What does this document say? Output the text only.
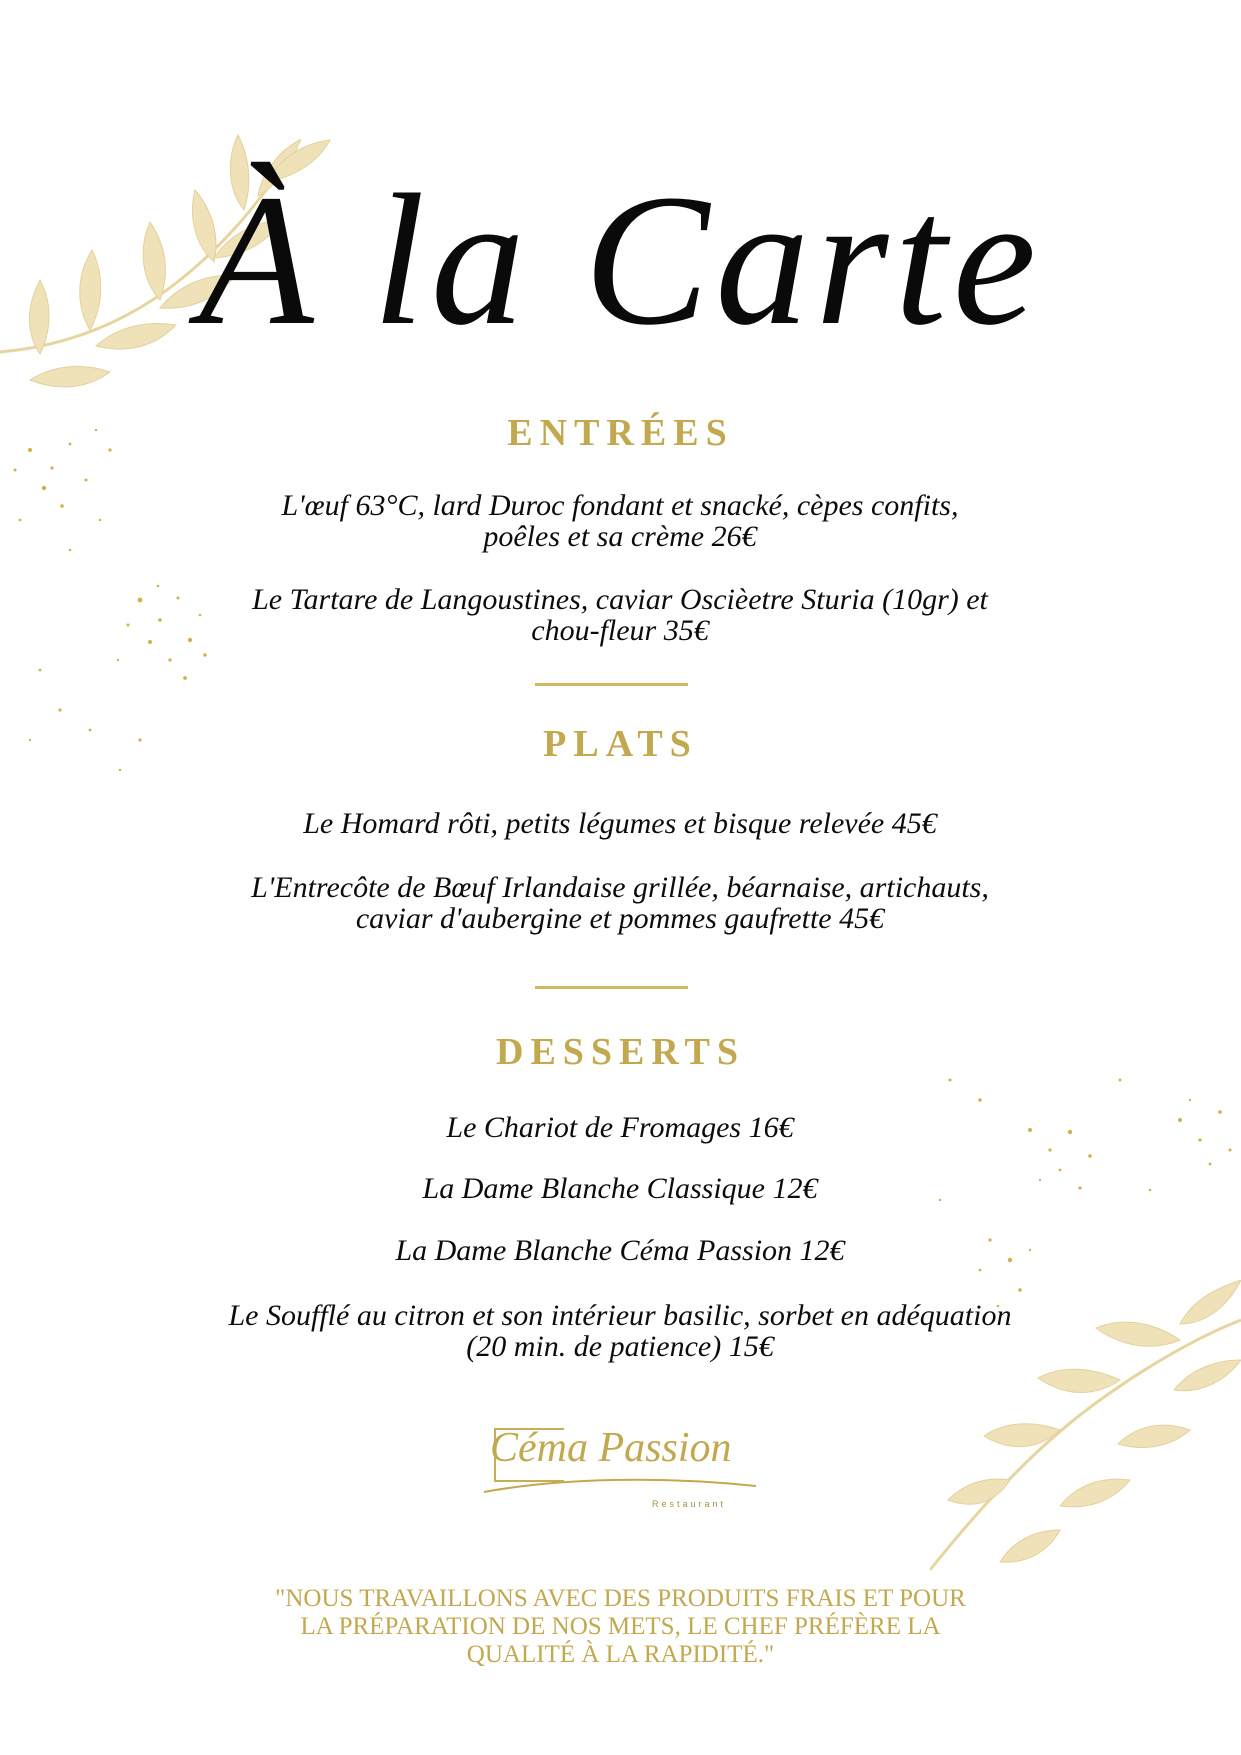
À la Carte
ENTRÉES
L'œuf 63°C, lard Duroc fondant et snacké, cèpes confits,
poêles et sa crème 26€
Le Tartare de Langoustines, caviar Oscièetre Sturia (10gr) et
chou-fleur 35€
PLATS
Le Homard rôti, petits légumes et bisque relevée 45€
L'Entrecôte de Bœuf Irlandaise grillée, béarnaise, artichauts,
caviar d'aubergine et pommes gaufrette 45€
DESSERTS
Le Chariot de Fromages 16€
La Dame Blanche Classique 12€
La Dame Blanche Céma Passion 12€
Le Soufflé au citron et son intérieur basilic, sorbet en adéquation
(20 min. de patience) 15€
Céma Passion
Restaurant
"NOUS TRAVAILLONS AVEC DES PRODUITS FRAIS ET POUR
LA PRÉPARATION DE NOS METS, LE CHEF PRÉFÈRE LA
QUALITÉ À LA RAPIDITÉ."
